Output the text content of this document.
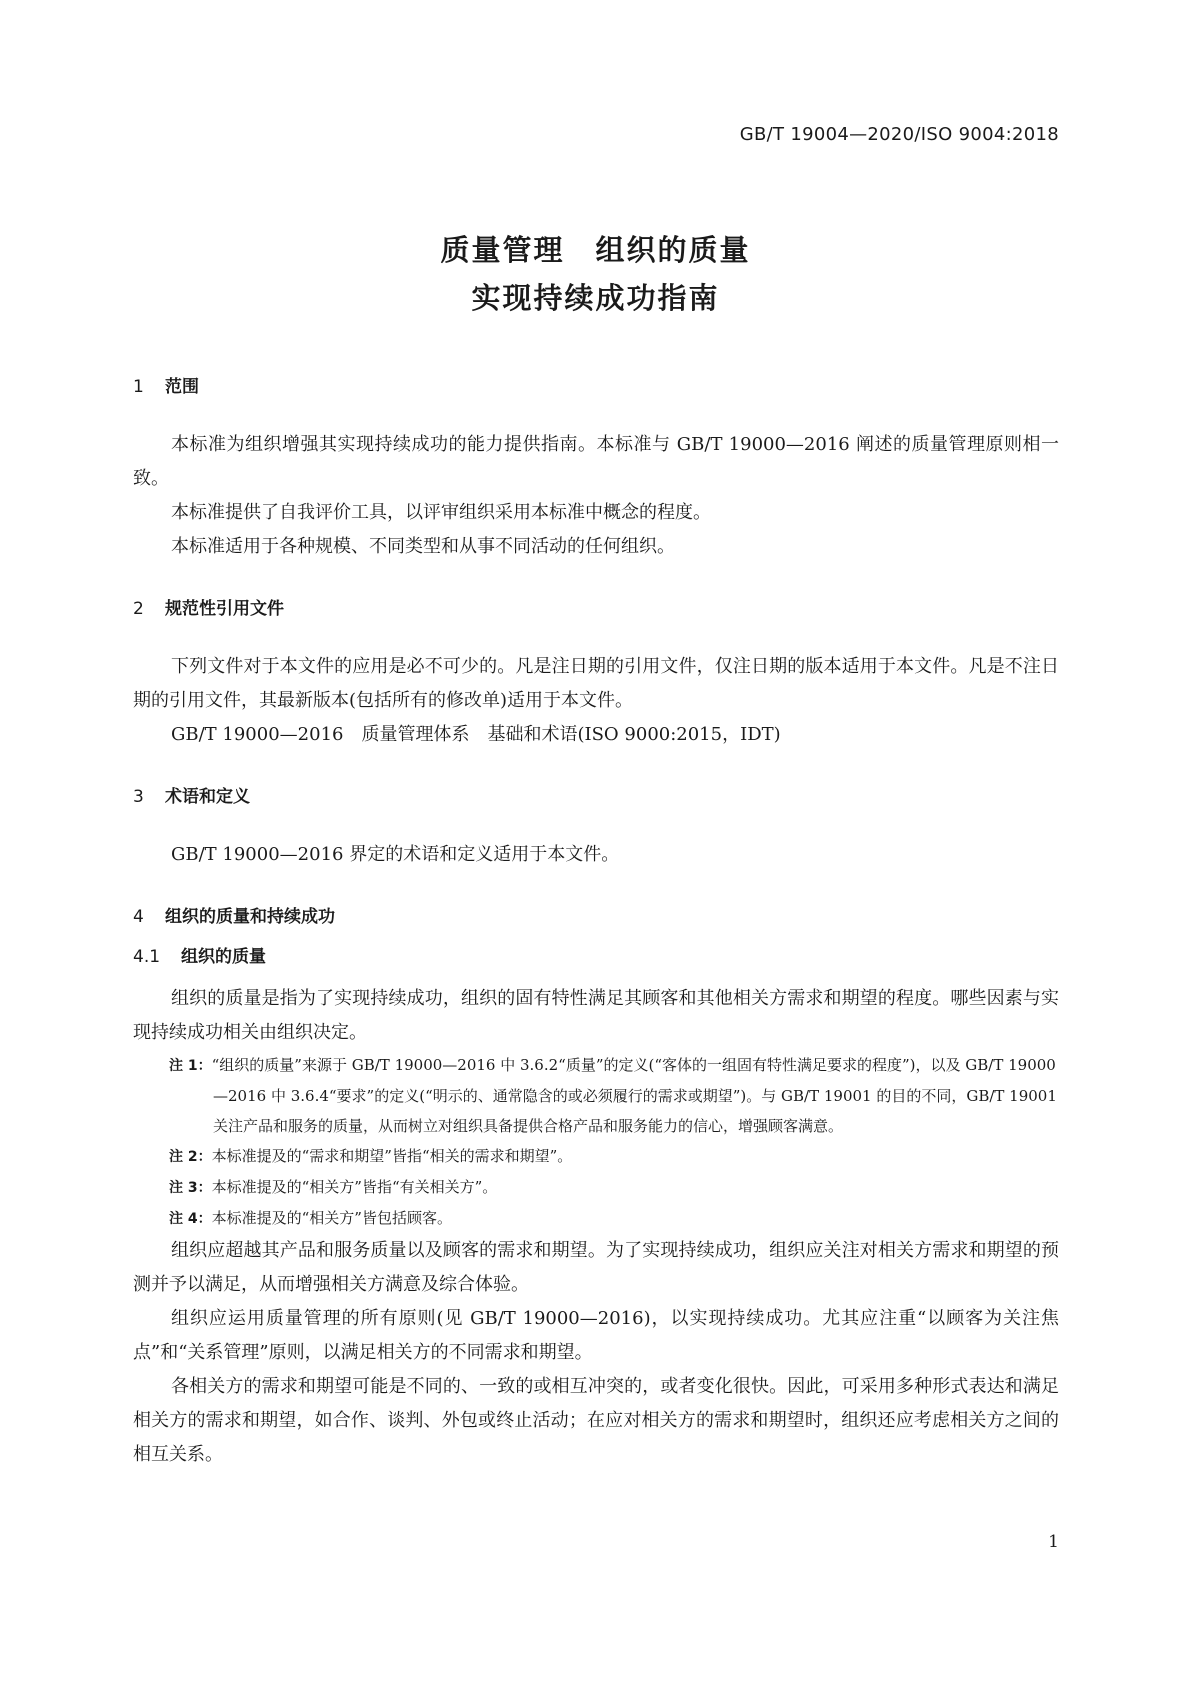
GB/T 19004—2020/ISO 9004:2018
质量管理　组织的质量
实现持续成功指南
1 范围

本标准为组织增强其实现持续成功的能力提供指南。本标准与 GB/T 19000—2016 阐述的质量管理原则相一致。

本标准提供了自我评价工具，以评审组织采用本标准中概念的程度。

本标准适用于各种规模、不同类型和从事不同活动的任何组织。

2 规范性引用文件

下列文件对于本文件的应用是必不可少的。凡是注日期的引用文件，仅注日期的版本适用于本文件。凡是不注日期的引用文件，其最新版本(包括所有的修改单)适用于本文件。

GB/T 19000—2016　质量管理体系　基础和术语(ISO 9000:2015，IDT)

3 术语和定义

GB/T 19000—2016 界定的术语和定义适用于本文件。

4 组织的质量和持续成功
4.1 组织的质量

组织的质量是指为了实现持续成功，组织的固有特性满足其顾客和其他相关方需求和期望的程度。哪些因素与实现持续成功相关由组织决定。

注 1：“组织的质量”来源于 GB/T 19000—2016 中 3.6.2“质量”的定义(“客体的一组固有特性满足要求的程度”)，以及 GB/T 19000—2016 中 3.6.4“要求”的定义(“明示的、通常隐含的或必须履行的需求或期望”)。与 GB/T 19001 的目的不同，GB/T 19001 关注产品和服务的质量，从而树立对组织具备提供合格产品和服务能力的信心，增强顾客满意。

注 2：本标准提及的“需求和期望”皆指“相关的需求和期望”。

注 3：本标准提及的“相关方”皆指“有关相关方”。

注 4：本标准提及的“相关方”皆包括顾客。

组织应超越其产品和服务质量以及顾客的需求和期望。为了实现持续成功，组织应关注对相关方需求和期望的预测并予以满足，从而增强相关方满意及综合体验。

组织应运用质量管理的所有原则(见 GB/T 19000—2016)，以实现持续成功。尤其应注重“以顾客为关注焦点”和“关系管理”原则，以满足相关方的不同需求和期望。

各相关方的需求和期望可能是不同的、一致的或相互冲突的，或者变化很快。因此，可采用多种形式表达和满足相关方的需求和期望，如合作、谈判、外包或终止活动；在应对相关方的需求和期望时，组织还应考虑相关方之间的相互关系。

1
